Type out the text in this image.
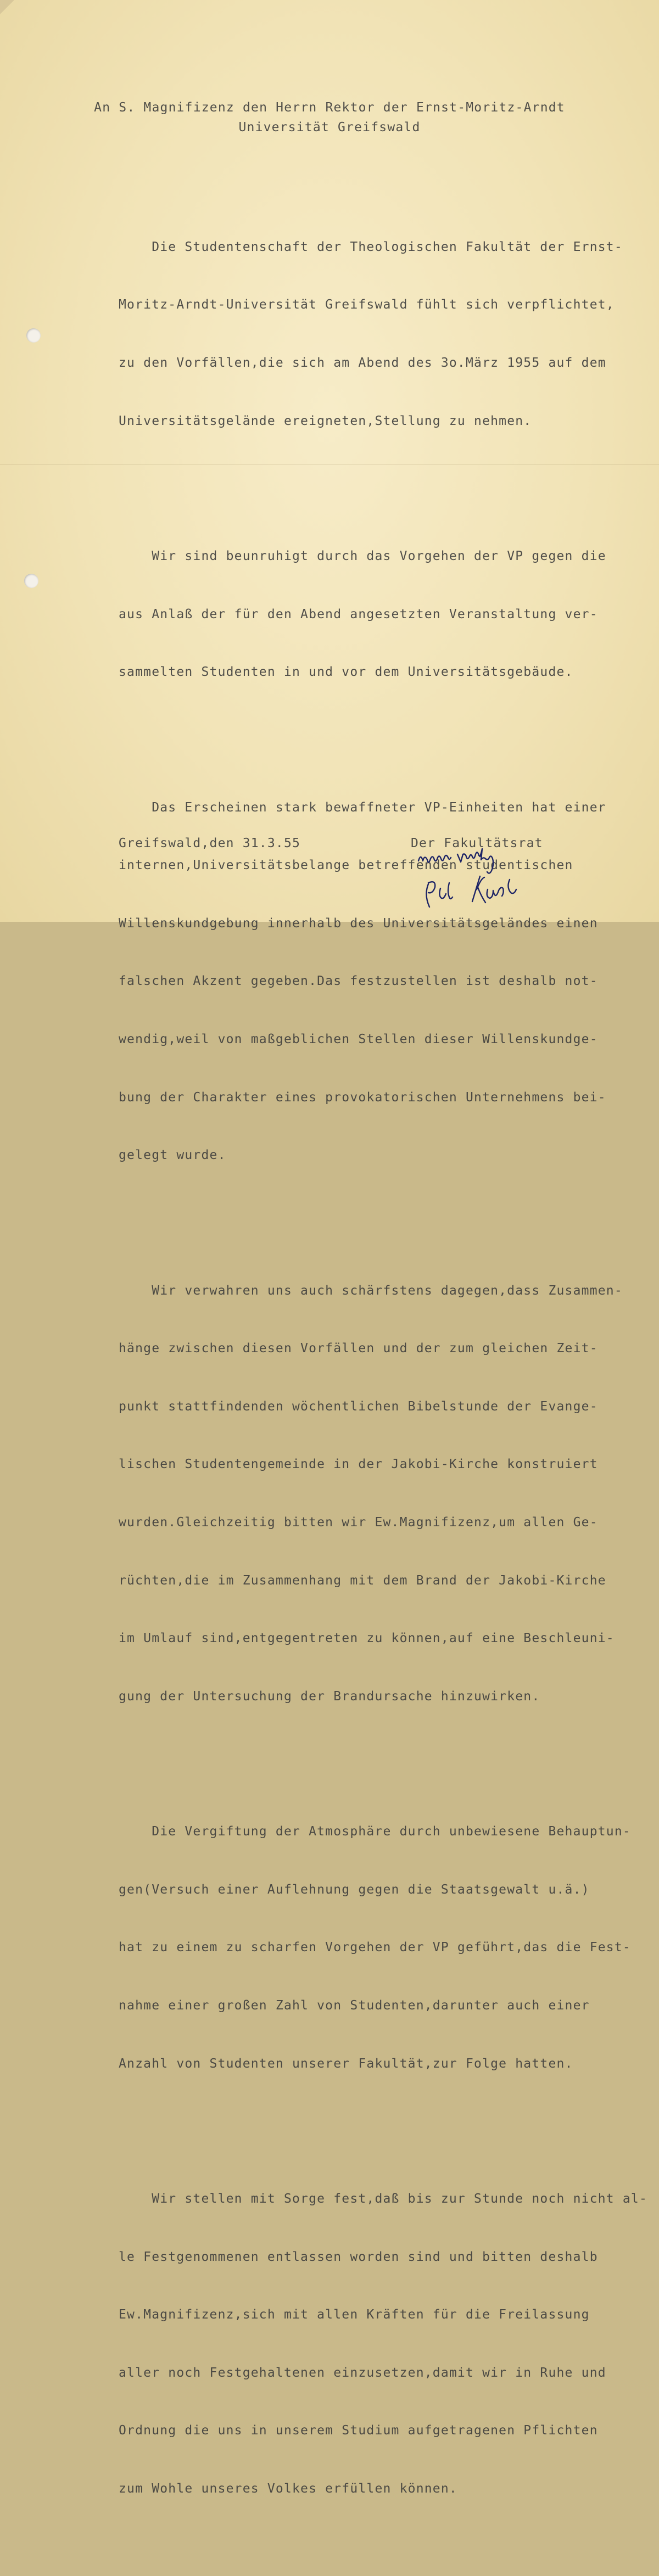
An S. Magnifizenz den Herrn Rektor der Ernst-Moritz-Arndt
Universität Greifswald

Die Studentenschaft der Theologischen Fakultät der Ernst-

Moritz-Arndt-Universität Greifswald fühlt sich verpflichtet,

zu den Vorfällen,die sich am Abend des 3o.März 1955 auf dem

Universitätsgelände ereigneten,Stellung zu nehmen.

Wir sind beunruhigt durch das Vorgehen der VP gegen die

aus Anlaß der für den Abend angesetzten Veranstaltung ver-

sammelten Studenten in und vor dem Universitätsgebäude.

Das Erscheinen stark bewaffneter VP-Einheiten hat einer

internen,Universitätsbelange betreffenden studentischen

Willenskundgebung innerhalb des Universitätsgeländes einen

falschen Akzent gegeben.Das festzustellen ist deshalb not-

wendig,weil von maßgeblichen Stellen dieser Willenskundge-

bung der Charakter eines provokatorischen Unternehmens bei-

gelegt wurde.

Wir verwahren uns auch schärfstens dagegen,dass Zusammen-

hänge zwischen diesen Vorfällen und der zum gleichen Zeit-

punkt stattfindenden wöchentlichen Bibelstunde der Evange-

lischen Studentengemeinde in der Jakobi-Kirche konstruiert

wurden.Gleichzeitig bitten wir Ew.Magnifizenz,um allen Ge-

rüchten,die im Zusammenhang mit dem Brand der Jakobi-Kirche

im Umlauf sind,entgegentreten zu können,auf eine Beschleuni-

gung der Untersuchung der Brandursache hinzuwirken.

Die Vergiftung der Atmosphäre durch unbewiesene Behauptun-

gen(Versuch einer Auflehnung gegen die Staatsgewalt u.ä.)

hat zu einem zu scharfen Vorgehen der VP geführt,das die Fest-

nahme einer großen Zahl von Studenten,darunter auch einer

Anzahl von Studenten unserer Fakultät,zur Folge hatten.

Wir stellen mit Sorge fest,daß bis zur Stunde noch nicht al-

le Festgenommenen entlassen worden sind und bitten deshalb

Ew.Magnifizenz,sich mit allen Kräften für die Freilassung

aller noch Festgehaltenen einzusetzen,damit wir in Ruhe und

Ordnung die uns in unserem Studium aufgetragenen Pflichten

zum Wohle unseres Volkes erfüllen können.

Greifswald,den 31.3.55	Der Fakultätsrat
